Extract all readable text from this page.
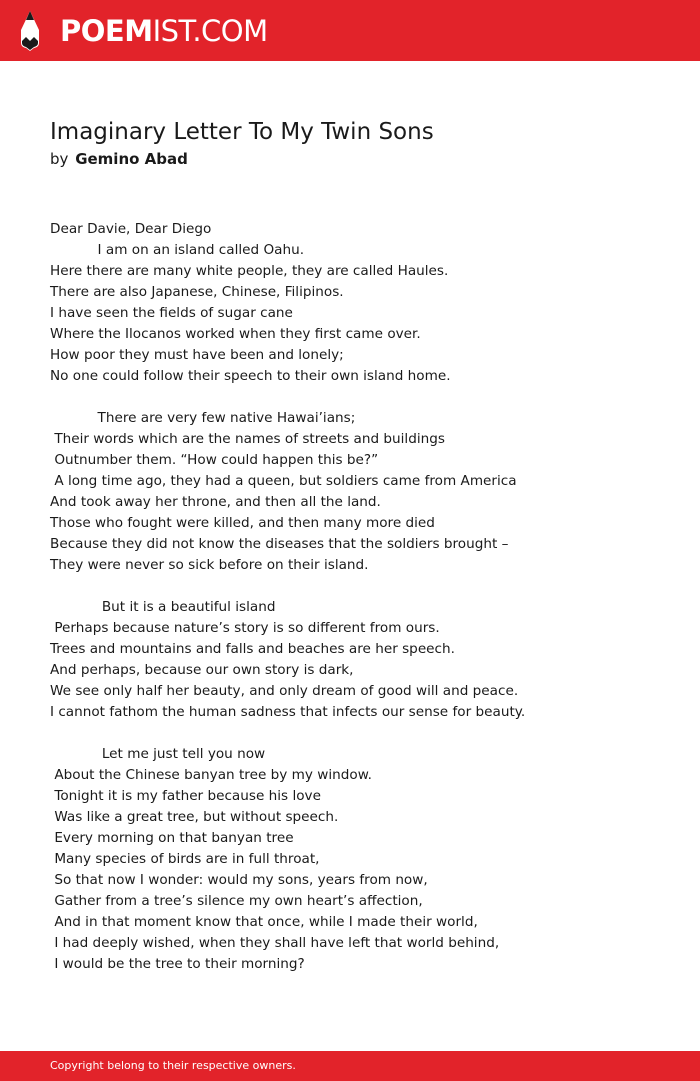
POEMIST.COM
Imaginary Letter To My Twin Sons
by Gemino Abad
Dear Davie, Dear Diego
I am on an island called Oahu.
Here there are many white people, they are called Haules.
There are also Japanese, Chinese, Filipinos.
I have seen the fields of sugar cane
Where the Ilocanos worked when they first came over.
How poor they must have been and lonely;
No one could follow their speech to their own island home.
There are very few native Hawai’ians;
Their words which are the names of streets and buildings
Outnumber them. “How could happen this be?”
A long time ago, they had a queen, but soldiers came from America
And took away her throne, and then all the land.
Those who fought were killed, and then many more died
Because they did not know the diseases that the soldiers brought –
They were never so sick before on their island.
But it is a beautiful island
Perhaps because nature’s story is so different from ours.
Trees and mountains and falls and beaches are her speech.
And perhaps, because our own story is dark,
We see only half her beauty, and only dream of good will and peace.
I cannot fathom the human sadness that infects our sense for beauty.
Let me just tell you now
About the Chinese banyan tree by my window.
Tonight it is my father because his love
Was like a great tree, but without speech.
Every morning on that banyan tree
Many species of birds are in full throat,
So that now I wonder: would my sons, years from now,
Gather from a tree’s silence my own heart’s affection,
And in that moment know that once, while I made their world,
I had deeply wished, when they shall have left that world behind,
I would be the tree to their morning?
Copyright belong to their respective owners.
